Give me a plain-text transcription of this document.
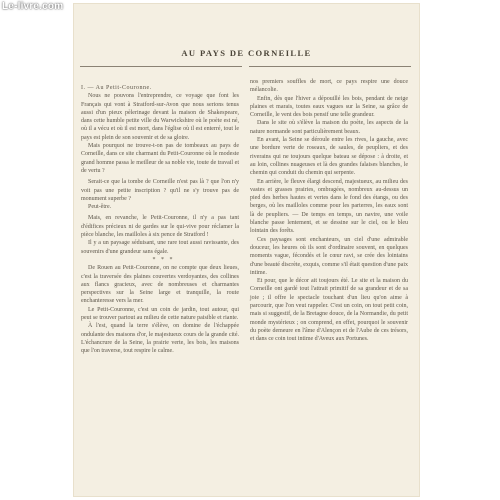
Le-livre.com
AU PAYS DE CORNEILLE

I. — Au Petit-Couronne.

Nous ne pouvons l'entreprendre, ce voyage que font les Français qui vont à Stratford-sur-Avon que nous serions tenus aussi d'un pieux pèlerinage devant la maison de Shakespeare, dans cette humble petite ville du Warwickshire où le poète est né, où il a vécu et où il est mort, dans l'église où il est enterré, tout le pays est plein de son souvenir et de sa gloire.

Mais pourquoi ne trouve-t-on pas de tombeaux au pays de Corneille, dans ce site charmant du Petit-Couronne où le modeste grand homme passa le meilleur de sa noble vie, toute de travail et de vertu ?

Serait-ce que la tombe de Corneille n'est pas là ? que l'on n'y voit pas une petite inscription ? qu'il ne s'y trouve pas de monument superbe ?

Peut-être.

Mais, en revanche, le Petit-Couronne, il n'y a pas tant d'édifices précieux ni de gardes sur le qui-vive pour réclamer la pièce blanche, les mailloles à six pence de Stratford !

Il y a un paysage séduisant, une rare tout aussi ravissante, des souvenirs d'une grandeur sans égale.

* * *

De Rouen au Petit-Couronne, on ne compte que deux lieues, c'est la traversée des plaines couvertes verdoyantes, des collines aux flancs gracieux, avec de nombreuses et charmantes perspectives sur la Seine large et tranquille, la route enchanteresse vers la mer.

Le Petit-Couronne, c'est un coin de jardin, tout autour, qui peut se trouver partout au milieu de cette nature paisible et riante.

À l'est, quand la terre s'élève, on domine de l'échappée ondulante des maisons d'or, le majestueux cours de la grande cité. L'échancrure de la Seine, la prairie verte, les bois, les maisons que l'on traverse, tout respire le calme.

nos premiers souffles de mort, ce pays respire une douce mélancolie.

Enfin, dès que l'hiver a dépouillé les bois, pendant de neige plaines et marais, toutes eaux vagues sur la Seine, sa grâce de Corneille, le vent des bois pensif une telle grandeur.

Dans le site où s'élève la maison du poète, les aspects de la nature normande sont particulièrement beaux.

En avant, la Seine se déroule entre les rives, la gauche, avec une bordure verte de roseaux, de saules, de peupliers, et des riverains qui ne toujours quelque bateau se dépose : à droite, et au loin, collines nuageuses et là des grandes falaises blanches, le chemin qui conduit du chemin qui serpente.

En arrière, le fleuve élargi descend, majestueux, au milieu des vastes et grasses prairies, ombragées, nombreux au-dessus un pied des herbes hautes et vertes dans le fond des étangs, ou des berges, où les mailloles comme pour les parterres, les eaux sont là de peupliers. — De temps en temps, un navire, une voile blanche passe lentement, et se dessine sur le ciel, ou le bleu lointain des forêts.

Ces paysages sont enchanteurs, un ciel d'une admirable douceur, les heures où ils sont d'ordinaire souvent, en quelques moments vague, fécondés et le cœur ravi, se crée des lointains d'une beauté discrète, exquis, comme s'il était question d'une paix intime.

Et pour, que le décor ait toujours été. Le site et la maison du Corneille ont gardé tout l'attrait primitif de sa grandeur et de sa joie ; il offre le spectacle touchant d'un lieu qu'on aime à parcourir, que l'on veut rappeler. C'est un coin, on tout petit coin, mais si suggestif, de la Bretagne douce, de la Normandie, du petit monde mystérieux ; on comprend, en effet, pourquoi le souvenir du poète demeure en l'âme d'Alençon et de l'Aube de ces trésors, et dans ce coin tout intime d'Aveux aux Portunes.
